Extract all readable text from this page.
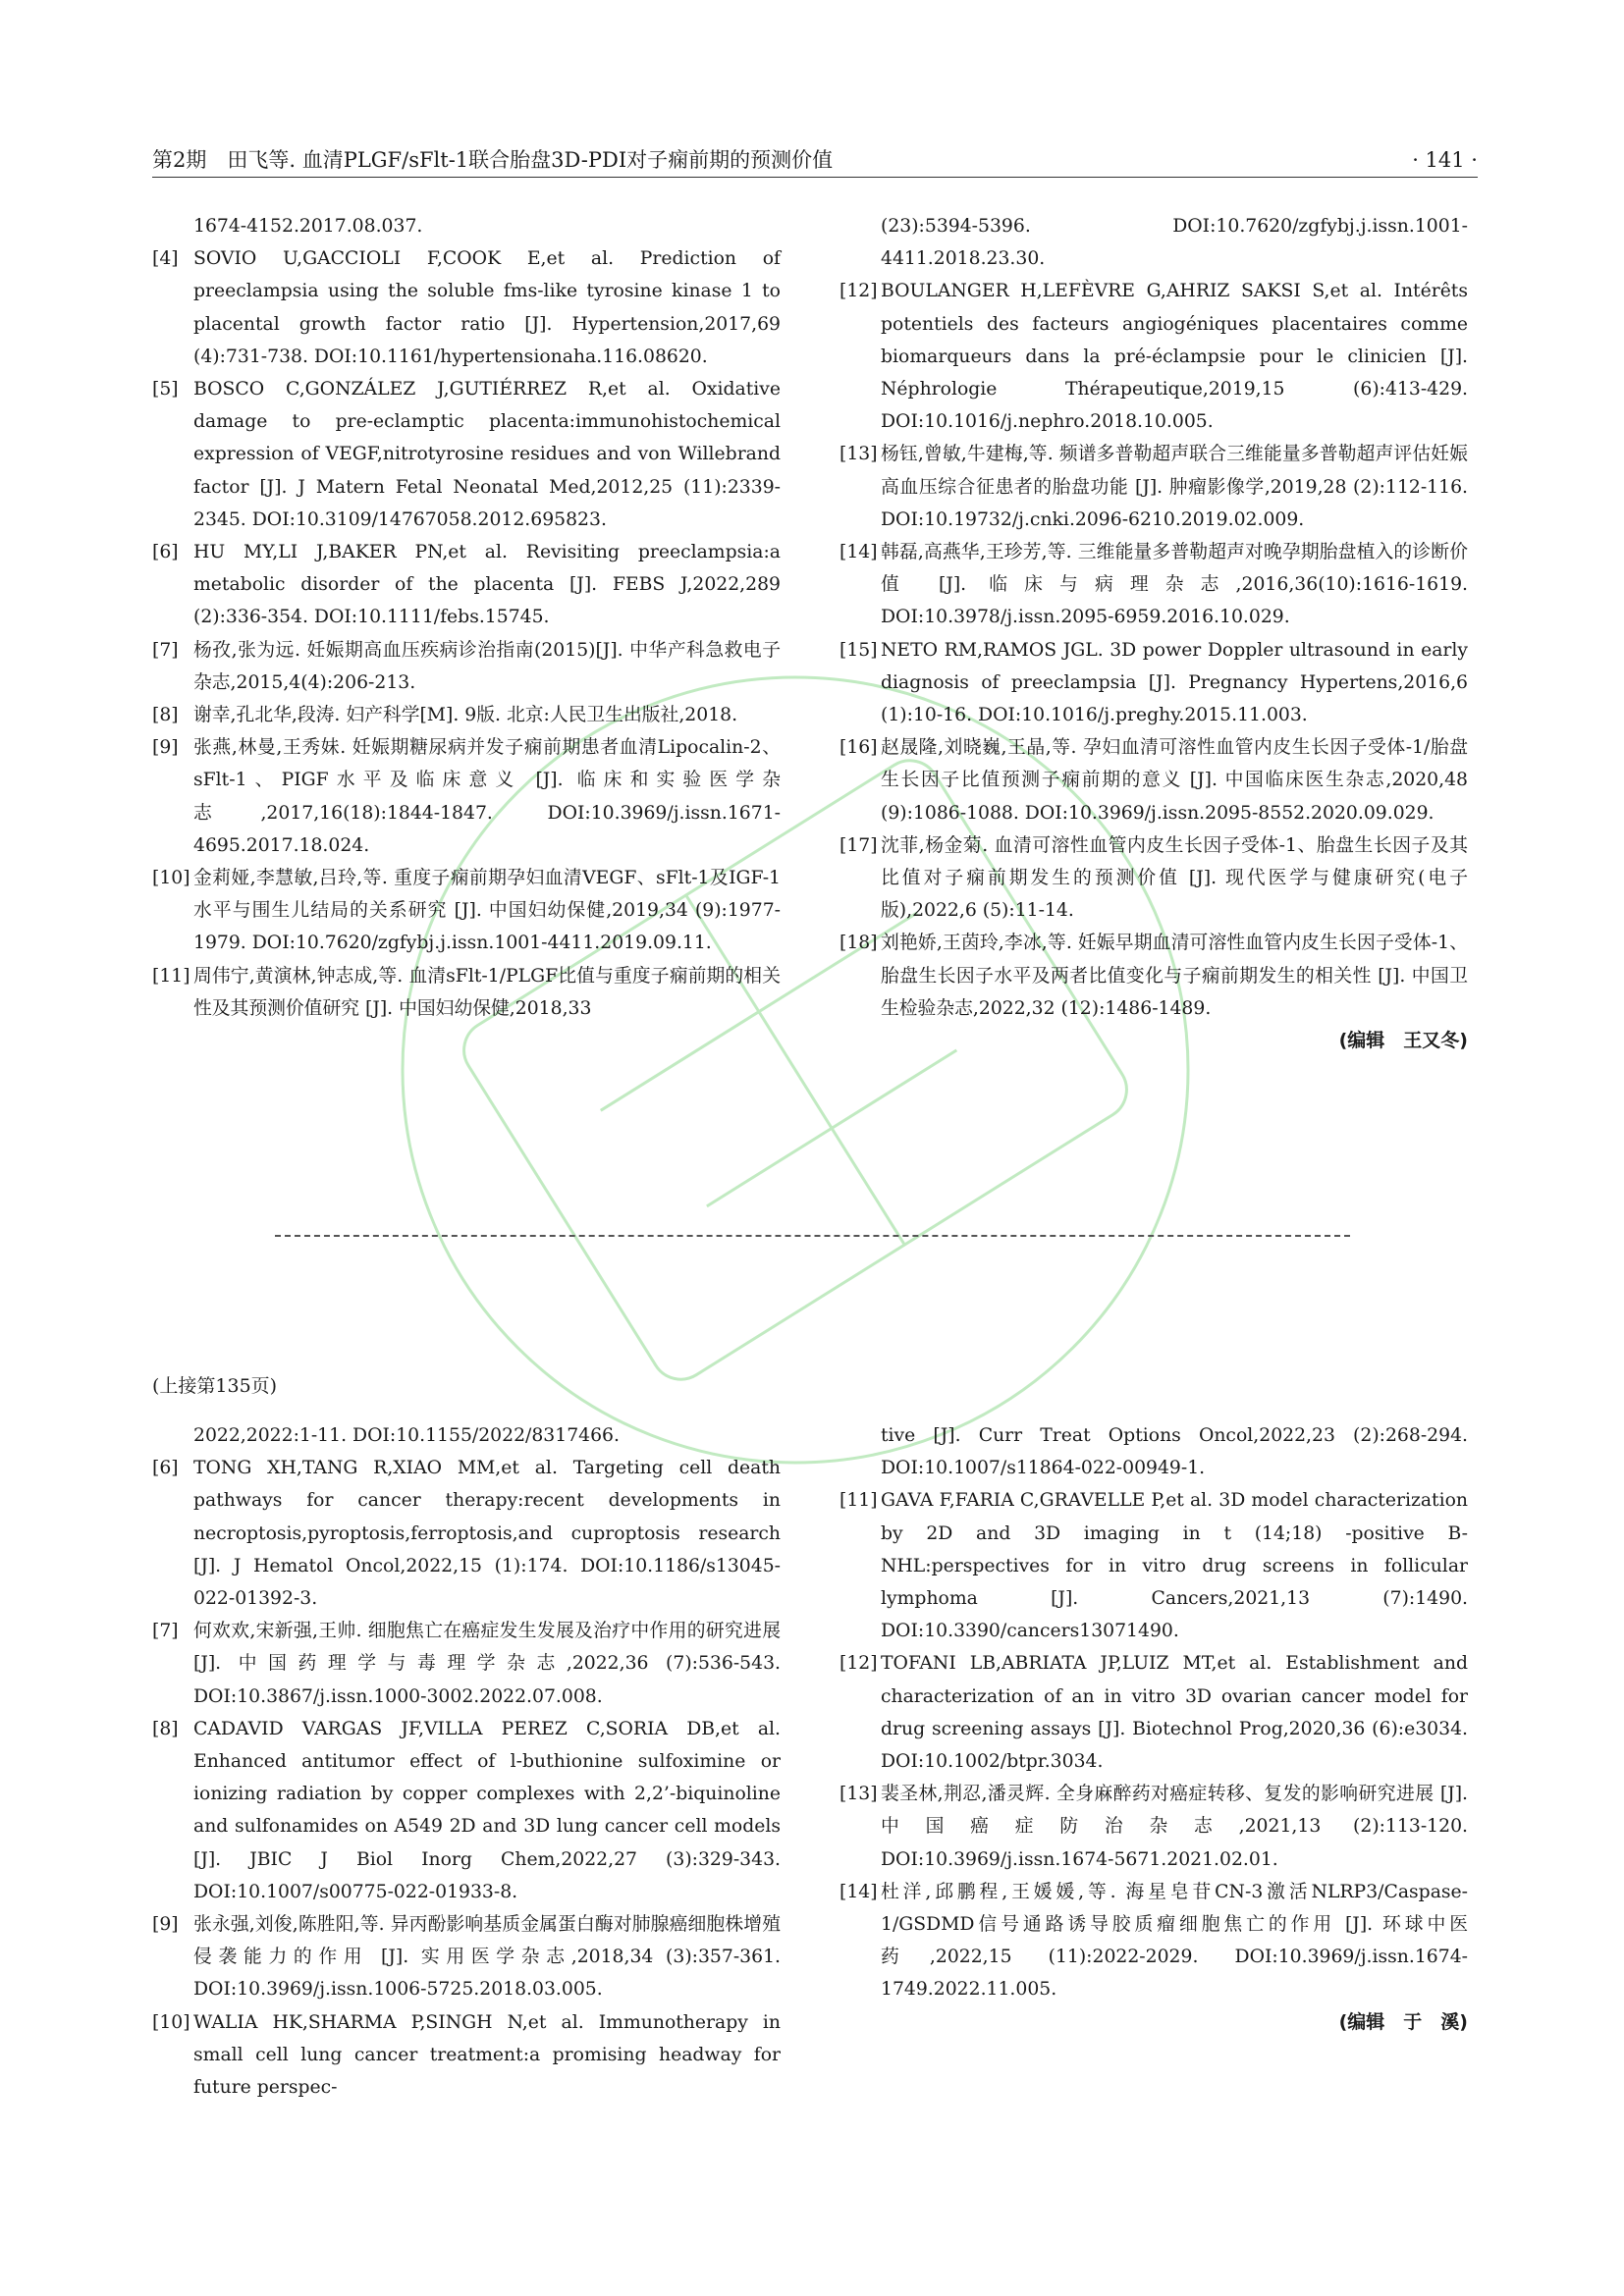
第2期　田飞等. 血清PLGF/sFlt-1联合胎盘3D-PDI对子痫前期的预测价值	· 141 ·
1674-4152.2017.08.037.
[4] SOVIO U,GACCIOLI F,COOK E,et al. Prediction of preeclampsia using the soluble fms-like tyrosine kinase 1 to placental growth factor ratio [J]. Hypertension,2017,69 (4):731-738. DOI:10.1161/hypertensionaha.116.08620.
[5] BOSCO C,GONZÁLEZ J,GUTIÉRREZ R,et al. Oxidative damage to pre-eclamptic placenta:immunohistochemical expression of VEGF,nitrotyrosine residues and von Willebrand factor [J]. J Matern Fetal Neonatal Med,2012,25 (11):2339-2345. DOI:10.3109/14767058.2012.695823.
[6] HU MY,LI J,BAKER PN,et al. Revisiting preeclampsia:a metabolic disorder of the placenta [J]. FEBS J,2022,289 (2):336-354. DOI:10.1111/febs.15745.
[7] 杨孜,张为远. 妊娠期高血压疾病诊治指南(2015)[J]. 中华产科急救电子杂志,2015,4(4):206-213.
[8] 谢幸,孔北华,段涛. 妇产科学[M]. 9版. 北京:人民卫生出版社,2018.
[9] 张燕,林曼,王秀妹. 妊娠期糖尿病并发子痫前期患者血清Lipocalin-2、sFlt-1、PIGF水平及临床意义 [J]. 临床和实验医学杂志,2017,16(18):1844-1847. DOI:10.3969/j.issn.1671-4695.2017.18.024.
[10] 金莉娅,李慧敏,吕玲,等. 重度子痫前期孕妇血清VEGF、sFlt-1及IGF-1水平与围生儿结局的关系研究 [J]. 中国妇幼保健,2019,34 (9):1977-1979. DOI:10.7620/zgfybj.j.issn.1001-4411.2019.09.11.
[11] 周伟宁,黄演林,钟志成,等. 血清sFlt-1/PLGF比值与重度子痫前期的相关性及其预测价值研究 [J]. 中国妇幼保健,2018,33
(23):5394-5396. DOI:10.7620/zgfybj.j.issn.1001-4411.2018.23.30.
[12] BOULANGER H,LEFÈVRE G,AHRIZ SAKSI S,et al. Intérêts potentiels des facteurs angiogéniques placentaires comme biomarqueurs dans la pré-éclampsie pour le clinicien [J]. Néphrologie Thérapeutique,2019,15 (6):413-429. DOI:10.1016/j.nephro.2018.10.005.
[13] 杨钰,曾敏,牛建梅,等. 频谱多普勒超声联合三维能量多普勒超声评估妊娠高血压综合征患者的胎盘功能 [J]. 肿瘤影像学,2019,28 (2):112-116. DOI:10.19732/j.cnki.2096-6210.2019.02.009.
[14] 韩磊,高燕华,王珍芳,等. 三维能量多普勒超声对晚孕期胎盘植入的诊断价值 [J]. 临床与病理杂志,2016,36(10):1616-1619. DOI:10.3978/j.issn.2095-6959.2016.10.029.
[15] NETO RM,RAMOS JGL. 3D power Doppler ultrasound in early diagnosis of preeclampsia [J]. Pregnancy Hypertens,2016,6 (1):10-16. DOI:10.1016/j.preghy.2015.11.003.
[16] 赵晟隆,刘晓巍,王晶,等. 孕妇血清可溶性血管内皮生长因子受体-1/胎盘生长因子比值预测子痫前期的意义 [J]. 中国临床医生杂志,2020,48 (9):1086-1088. DOI:10.3969/j.issn.2095-8552.2020.09.029.
[17] 沈菲,杨金菊. 血清可溶性血管内皮生长因子受体-1、胎盘生长因子及其比值对子痫前期发生的预测价值 [J]. 现代医学与健康研究(电子版),2022,6 (5):11-14.
[18] 刘艳娇,王茵玲,李冰,等. 妊娠早期血清可溶性血管内皮生长因子受体-1、胎盘生长因子水平及两者比值变化与子痫前期发生的相关性 [J]. 中国卫生检验杂志,2022,32 (12):1486-1489.
(编辑　王又冬)
(上接第135页)
2022,2022:1-11. DOI:10.1155/2022/8317466.
[6] TONG XH,TANG R,XIAO MM,et al. Targeting cell death pathways for cancer therapy:recent developments in necroptosis,pyroptosis,ferroptosis,and cuproptosis research [J]. J Hematol Oncol,2022,15 (1):174. DOI:10.1186/s13045-022-01392-3.
[7] 何欢欢,宋新强,王帅. 细胞焦亡在癌症发生发展及治疗中作用的研究进展 [J]. 中国药理学与毒理学杂志,2022,36 (7):536-543. DOI:10.3867/j.issn.1000-3002.2022.07.008.
[8] CADAVID VARGAS JF,VILLA PEREZ C,SORIA DB,et al. Enhanced antitumor effect of l-buthionine sulfoximine or ionizing radiation by copper complexes with 2,2’-biquinoline and sulfonamides on A549 2D and 3D lung cancer cell models [J]. JBIC J Biol Inorg Chem,2022,27 (3):329-343. DOI:10.1007/s00775-022-01933-8.
[9] 张永强,刘俊,陈胜阳,等. 异丙酚影响基质金属蛋白酶对肺腺癌细胞株增殖侵袭能力的作用 [J]. 实用医学杂志,2018,34 (3):357-361. DOI:10.3969/j.issn.1006-5725.2018.03.005.
[10] WALIA HK,SHARMA P,SINGH N,et al. Immunotherapy in small cell lung cancer treatment:a promising headway for future perspec-
tive [J]. Curr Treat Options Oncol,2022,23 (2):268-294. DOI:10.1007/s11864-022-00949-1.
[11] GAVA F,FARIA C,GRAVELLE P,et al. 3D model characterization by 2D and 3D imaging in t (14;18) -positive B-NHL:perspectives for in vitro drug screens in follicular lymphoma [J]. Cancers,2021,13 (7):1490. DOI:10.3390/cancers13071490.
[12] TOFANI LB,ABRIATA JP,LUIZ MT,et al. Establishment and characterization of an in vitro 3D ovarian cancer model for drug screening assays [J]. Biotechnol Prog,2020,36 (6):e3034. DOI:10.1002/btpr.3034.
[13] 裴圣林,荆忍,潘灵辉. 全身麻醉药对癌症转移、复发的影响研究进展 [J]. 中国癌症防治杂志,2021,13 (2):113-120. DOI:10.3969/j.issn.1674-5671.2021.02.01.
[14] 杜洋,邱鹏程,王媛媛,等. 海星皂苷CN-3激活NLRP3/Caspase-1/GSDMD信号通路诱导胶质瘤细胞焦亡的作用 [J]. 环球中医药,2022,15 (11):2022-2029. DOI:10.3969/j.issn.1674-1749.2022.11.005.
(编辑　于　溪)
